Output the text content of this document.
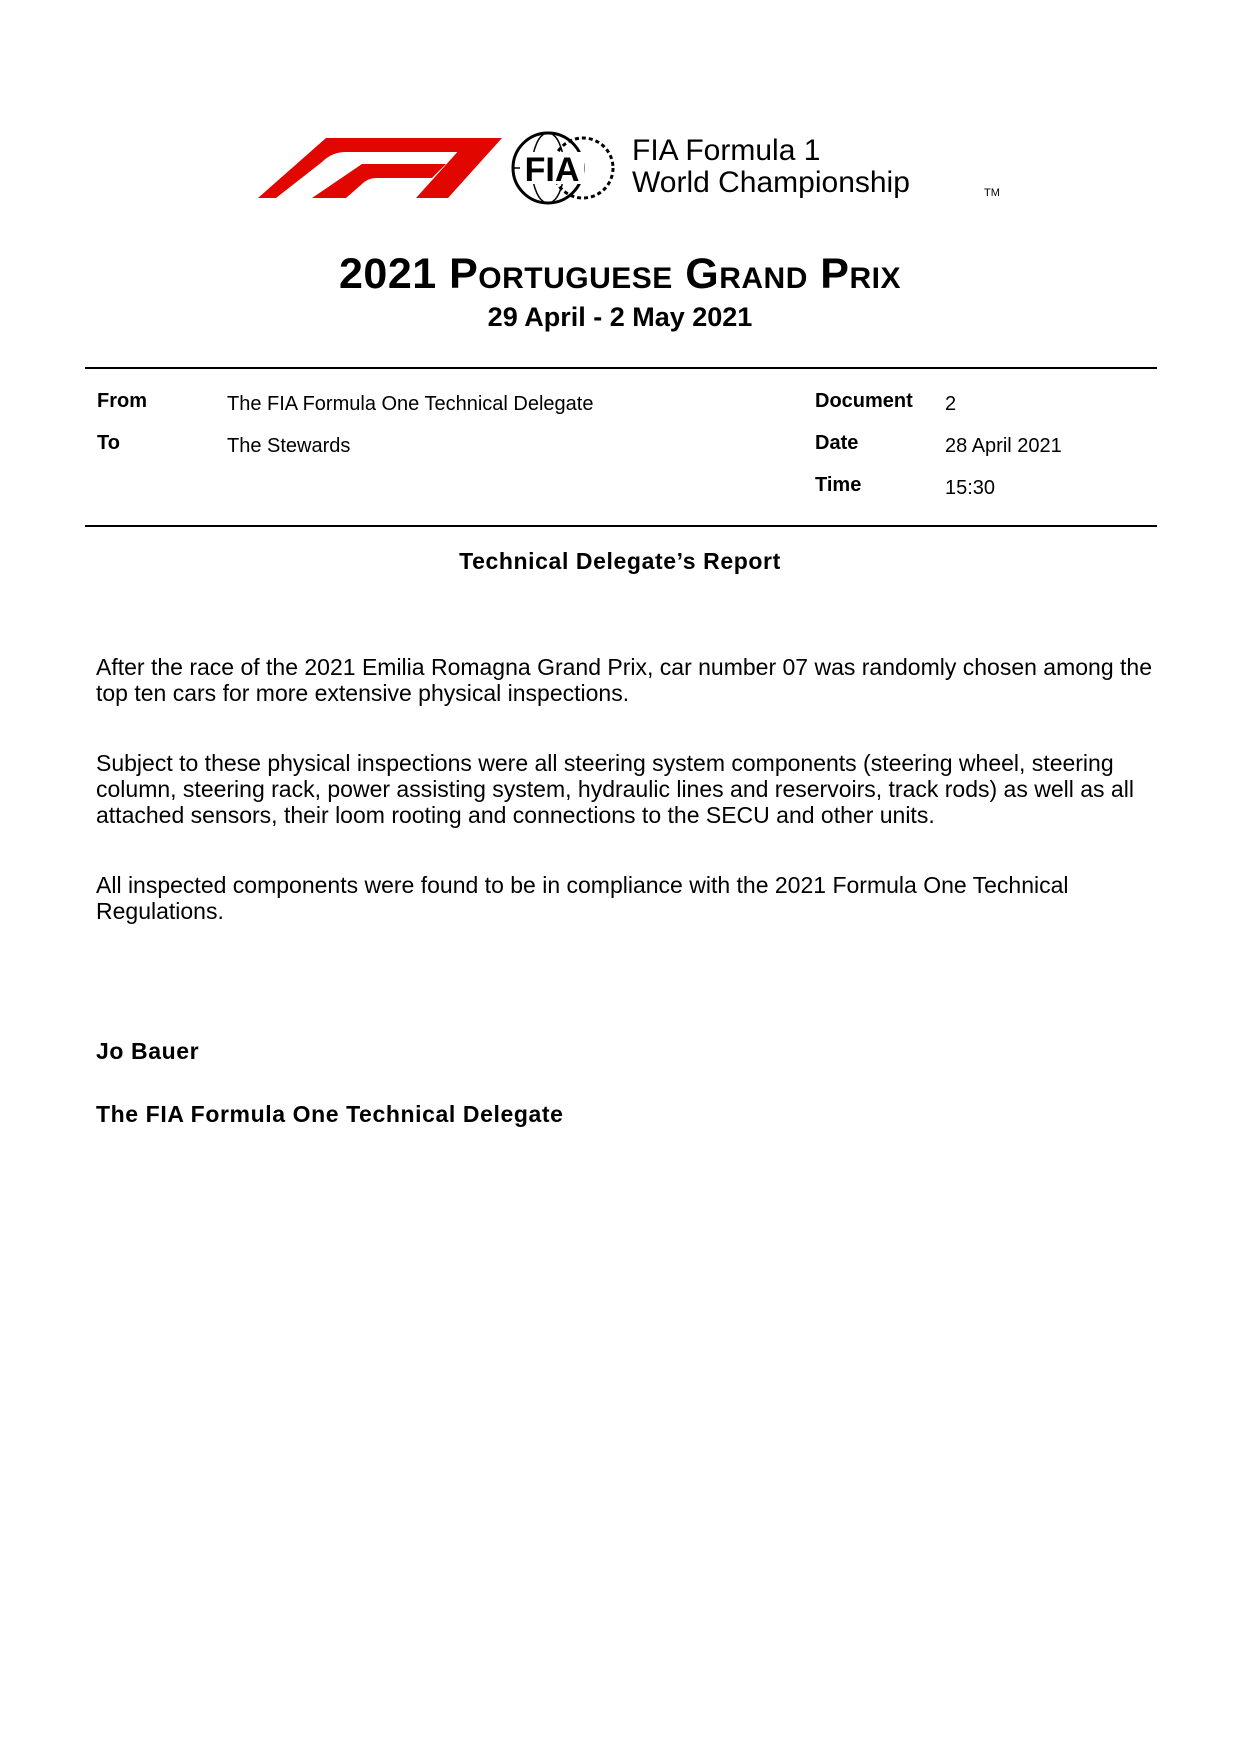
FIA
FIA Formula 1
World Championship	TM

2021 Portuguese Grand Prix

29 April - 2 May 2021

From	The FIA Formula One Technical Delegate
To	The Stewards
Document 2
Date	28 April 2021
Time	15:30
Technical Delegate’s Report

After the race of the 2021 Emilia Romagna Grand Prix, car number 07 was randomly chosen among the top ten cars for more extensive physical inspections.

Subject to these physical inspections were all steering system components (steering wheel, steering column, steering rack, power assisting system, hydraulic lines and reservoirs, track rods) as well as all attached sensors, their loom rooting and connections to the SECU and other units.

All inspected components were found to be in compliance with the 2021 Formula One Technical Regulations.

Jo Bauer
The FIA Formula One Technical Delegate
